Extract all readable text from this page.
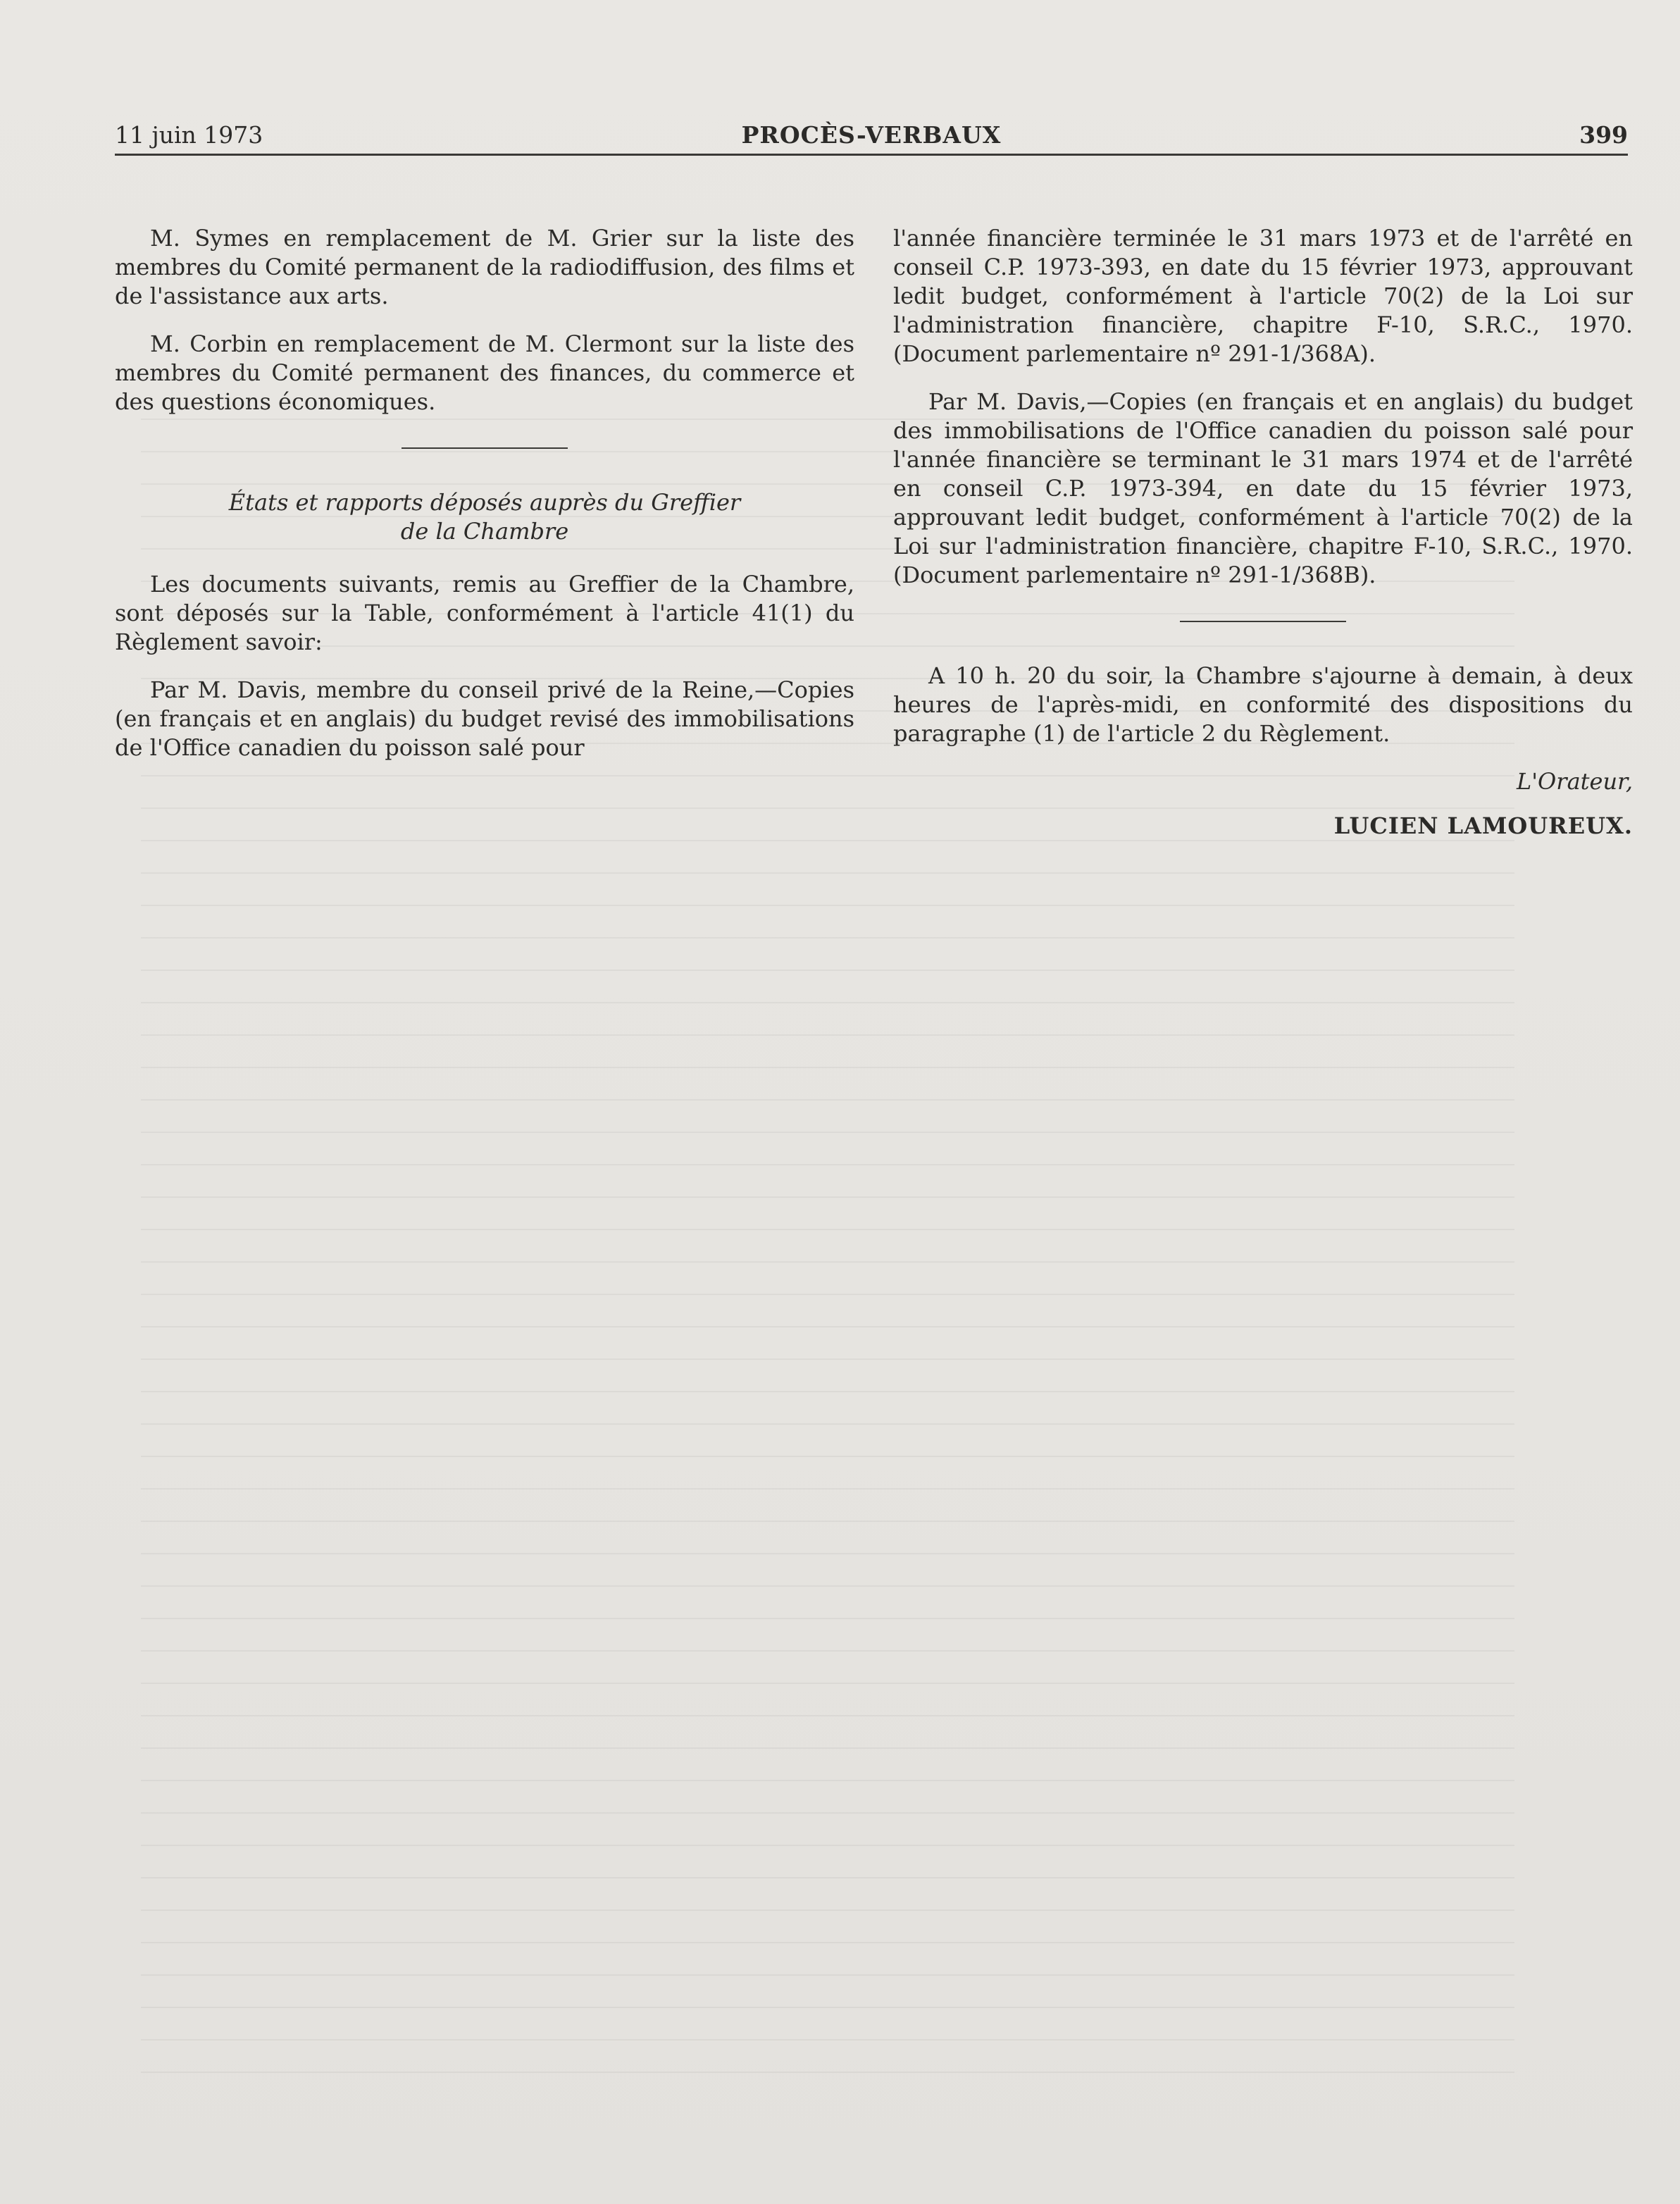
11 juin 1973	PROCÈS-VERBAUX	399

M. Symes en remplacement de M. Grier sur la liste des membres du Comité permanent de la radiodiffusion, des films et de l'assistance aux arts.

M. Corbin en remplacement de M. Clermont sur la liste des membres du Comité permanent des finances, du commerce et des questions économiques.

États et rapports déposés auprès du Greffier
de la Chambre

Les documents suivants, remis au Greffier de la Chambre, sont déposés sur la Table, conformément à l'article 41(1) du Règlement savoir:

Par M. Davis, membre du conseil privé de la Reine,—Copies (en français et en anglais) du budget revisé des immobilisations de l'Office canadien du poisson salé pour

l'année financière terminée le 31 mars 1973 et de l'arrêté en conseil C.P. 1973-393, en date du 15 février 1973, approuvant ledit budget, conformément à l'article 70(2) de la Loi sur l'administration financière, chapitre F-10, S.R.C., 1970. (Document parlementaire nº 291-1/368A).

Par M. Davis,—Copies (en français et en anglais) du budget des immobilisations de l'Office canadien du poisson salé pour l'année financière se terminant le 31 mars 1974 et de l'arrêté en conseil C.P. 1973-394, en date du 15 février 1973, approuvant ledit budget, conformément à l'article 70(2) de la Loi sur l'administration financière, chapitre F-10, S.R.C., 1970. (Document parlementaire nº 291-1/368B).

A 10 h. 20 du soir, la Chambre s'ajourne à demain, à deux heures de l'après-midi, en conformité des dispositions du paragraphe (1) de l'article 2 du Règlement.

L'Orateur,
LUCIEN LAMOUREUX.
